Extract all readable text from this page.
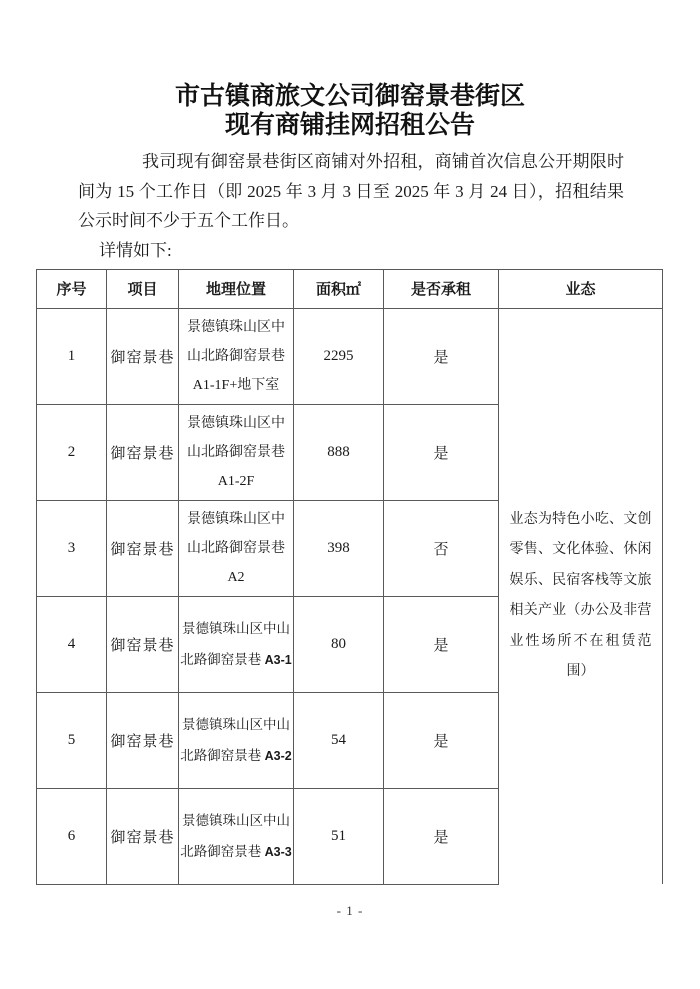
市古镇商旅文公司御窑景巷街区
现有商铺挂网招租公告

我司现有御窑景巷街区商铺对外招租，商铺首次信息公开期限时间为 15 个工作日（即 2025 年 3 月 3 日至 2025 年 3 月 24 日），招租结果公示时间不少于五个工作日。

详情如下:

序号	项目	地理位置	面积㎡	是否承租	业态
1	御窑景巷	景德镇珠山区中
山北路御窑景巷
A1-1F+地下室	2295	是	业态为特色小吃、文创零售、文化体验、休闲娱乐、民宿客栈等文旅相关产业（办公及非营业性场所不在租赁范围）

2	御窑景巷	景德镇珠山区中
山北路御窑景巷
A1-2F	888	是	
3	御窑景巷	景德镇珠山区中
山北路御窑景巷
A2	398	否	
4	御窑景巷	景德镇珠山区中山
北路御窑景巷 A3-1	80	是	
5	御窑景巷	景德镇珠山区中山
北路御窑景巷 A3-2	54	是	
6	御窑景巷	景德镇珠山区中山
北路御窑景巷 A3-3	51	是	
- 1 -
